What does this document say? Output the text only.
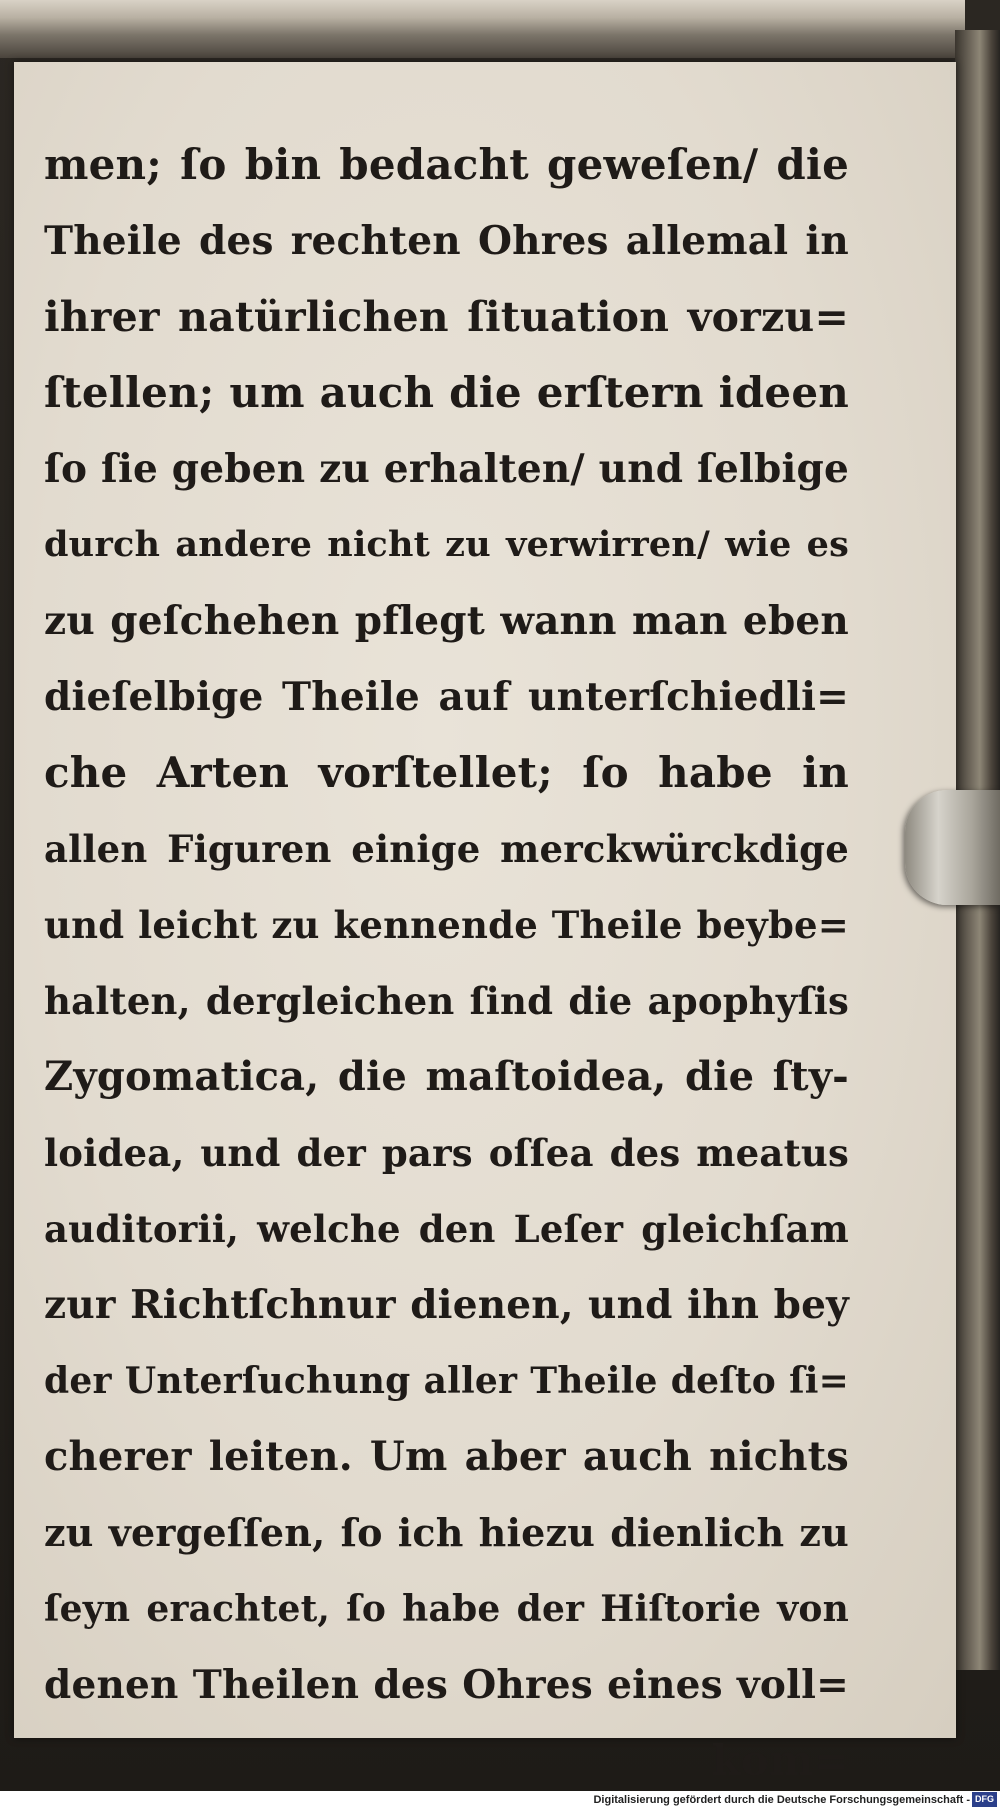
men; ſo bin bedacht geweſen/ die
Theile des rechten Ohres allemal in
ihrer natürlichen ſituation vorzu=
ſtellen; um auch die erſtern ideen
ſo ſie geben zu erhalten/ und ſelbige
durch andere nicht zu verwirren/ wie es
zu geſchehen pflegt wann man eben
dieſelbige Theile auf unterſchiedli=
che Arten vorſtellet; ſo habe in
allen Figuren einige merckwürckdige
und leicht zu kennende Theile beybe=
halten, dergleichen ſind die apophyſis
Zygomatica, die maſtoidea, die ſty-
loidea, und der pars oſſea des meatus
auditorii, welche den Leſer gleichſam
zur Richtſchnur dienen, und ihn bey
der Unterſuchung aller Theile deſto ſi=
cherer leiten. Um aber auch nichts
zu vergeſſen, ſo ich hiezu dienlich zu
ſeyn erachtet, ſo habe der Hiſtorie von
denen Theilen des Ohres eines voll=
kom=
Digitalisierung gefördert durch die Deutsche Forschungsgemeinschaft - DFG
